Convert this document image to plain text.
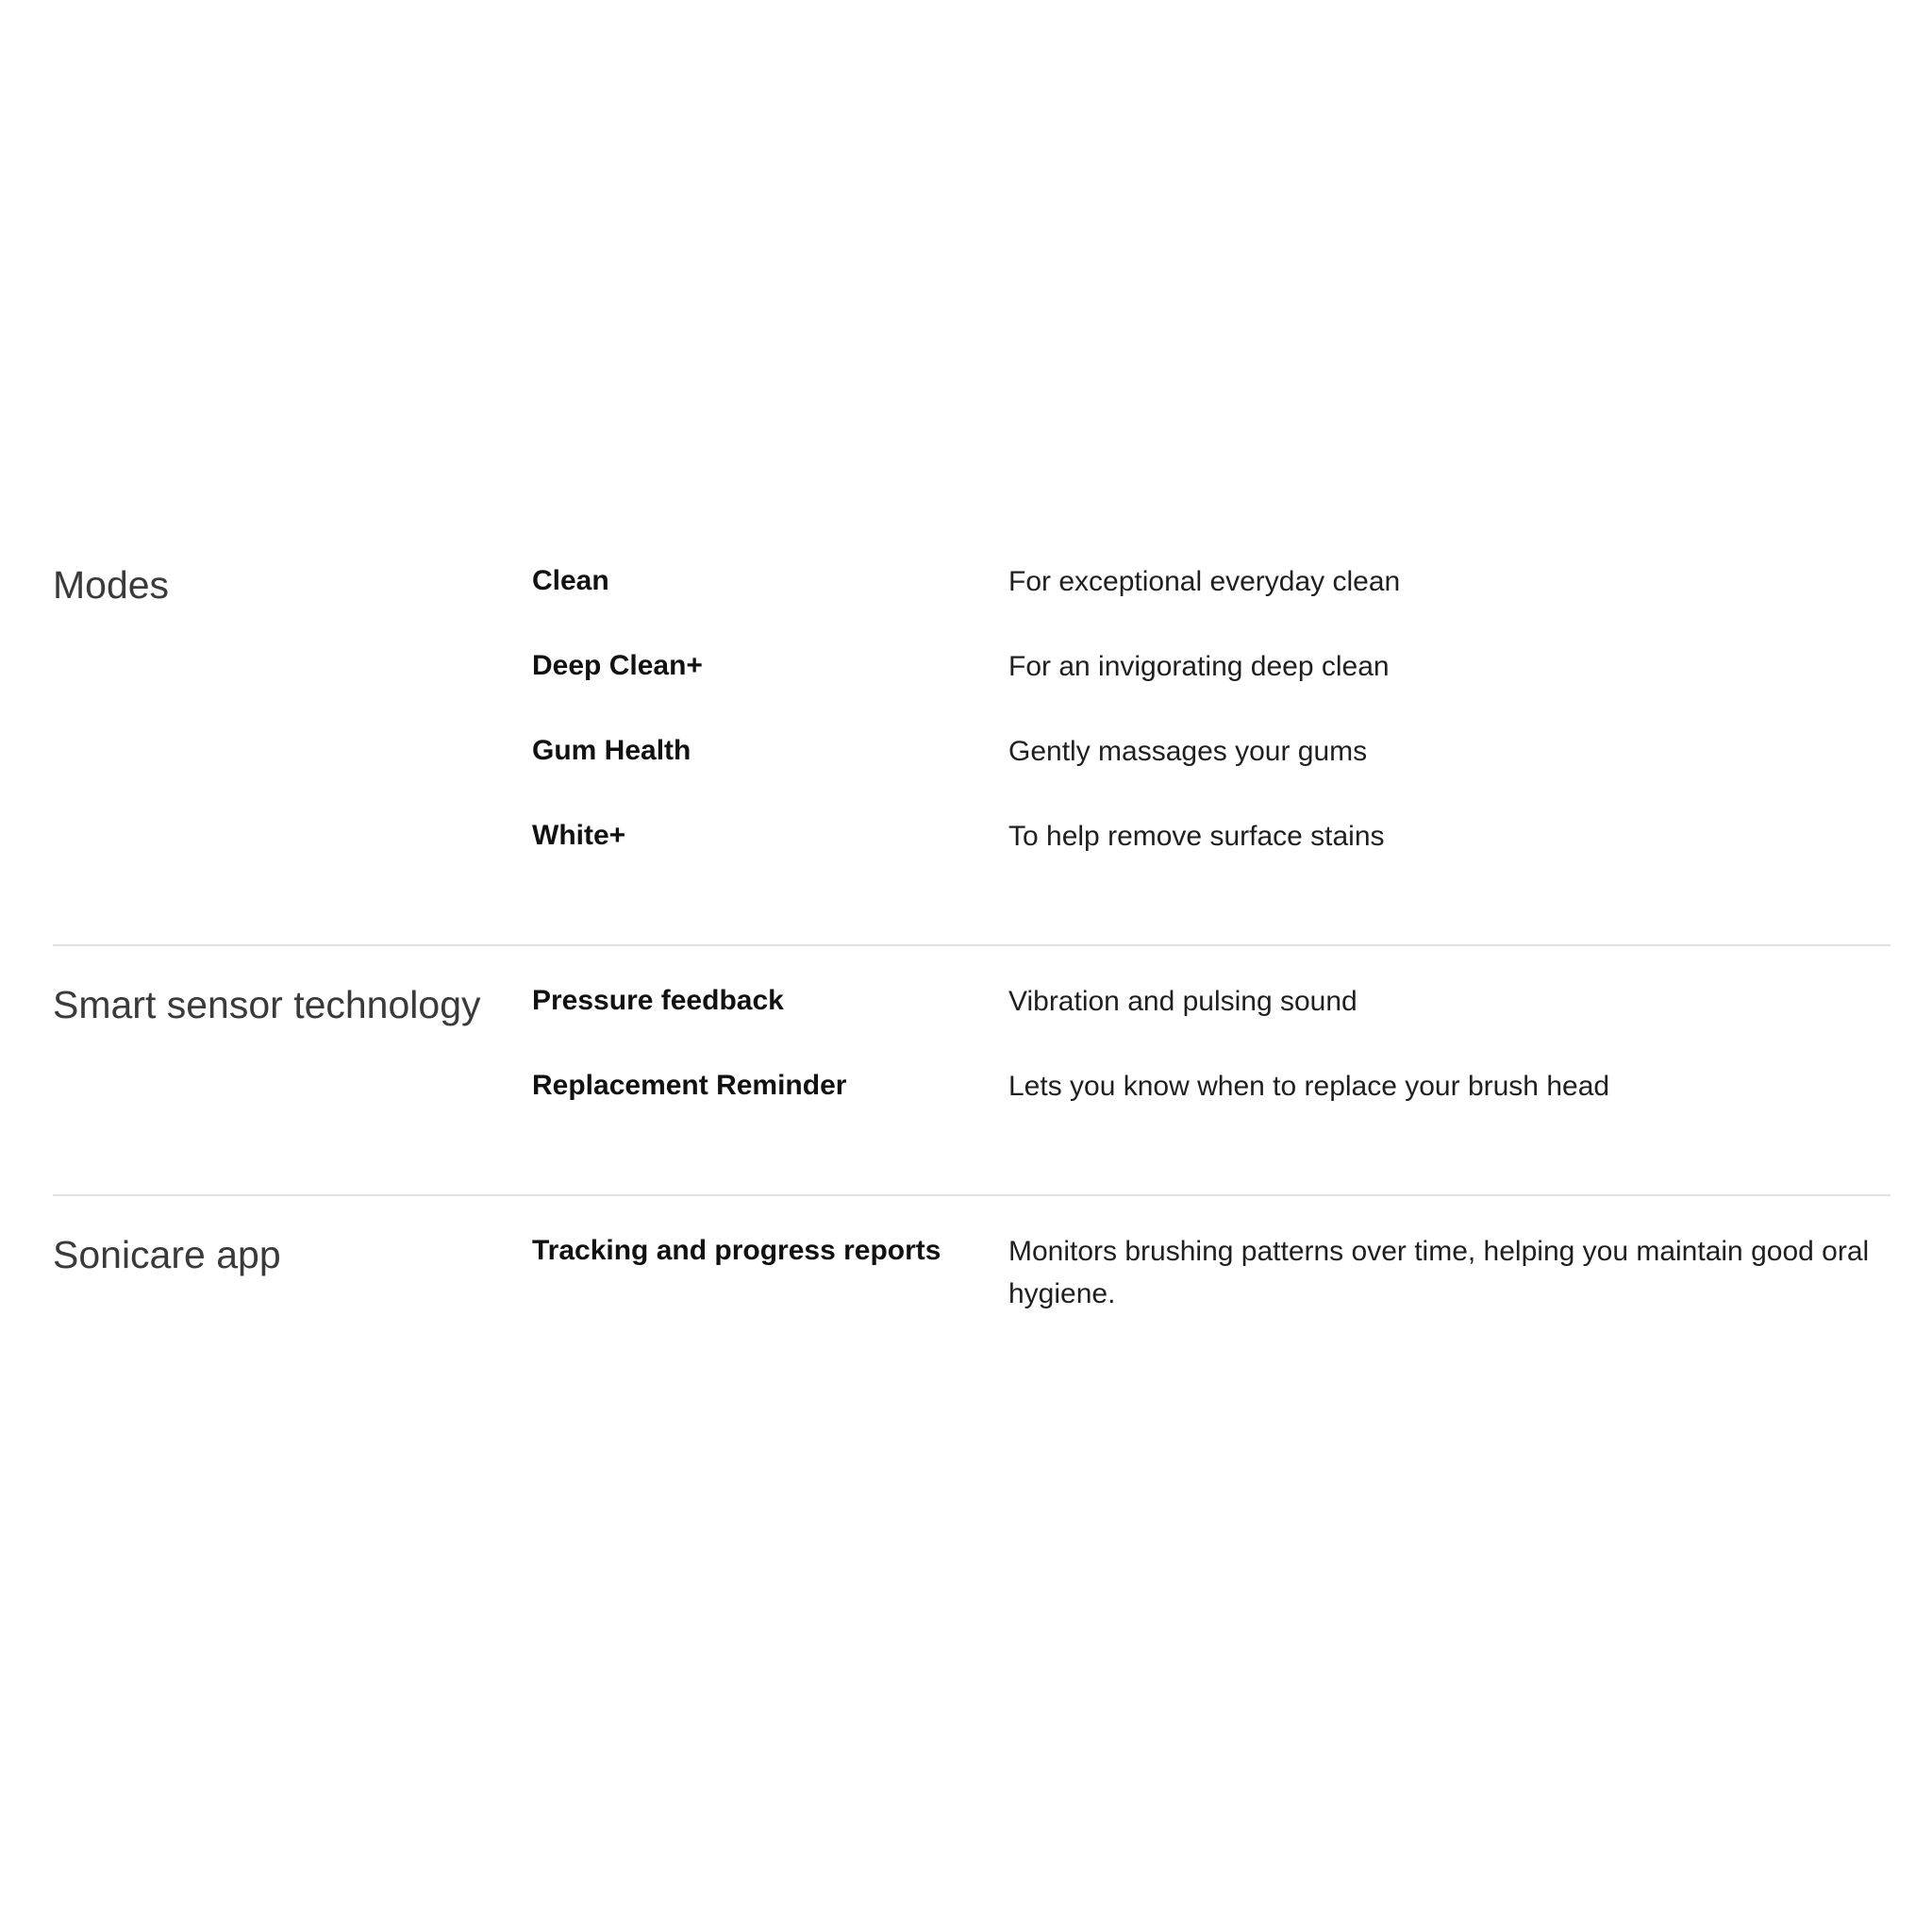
Modes	Clean	For exceptional everyday clean
Deep Clean+	For an invigorating deep clean
Gum Health	Gently massages your gums
White+	To help remove surface stains
Smart sensor technology	Pressure feedback	Vibration and pulsing sound
Replacement Reminder	Lets you know when to replace your brush head
Sonicare app	Tracking and progress reports	Monitors brushing patterns over time, helping you maintain good oral hygiene.
